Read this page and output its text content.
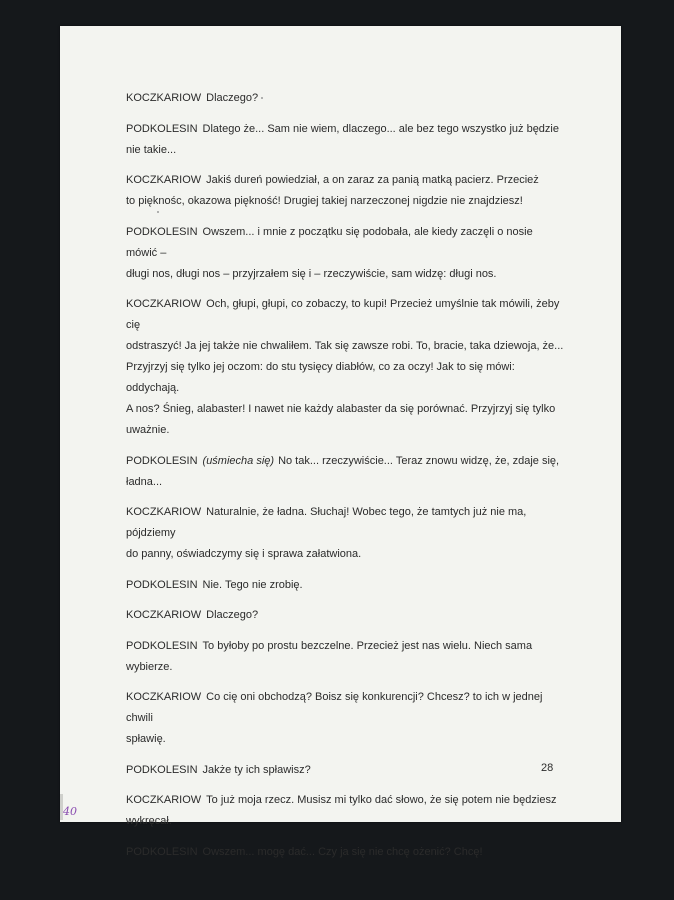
KOCZKARIOW Dlaczego?
PODKOLESIN Dlatego że... Sam nie wiem, dlaczego... ale bez tego wszystko już będzie
nie takie...
KOCZKARIOW Jakiś dureń powiedział, a on zaraz za panią matką pacierz. Przecież
to pięknośc, okazowa piękność! Drugiej takiej narzeczonej nigdzie nie znajdziesz!
PODKOLESIN Owszem... i mnie z początku się podobała, ale kiedy zaczęli o nosie mówić –
długi nos, długi nos – przyjrzałem się i – rzeczywiście, sam widzę: długi nos.
KOCZKARIOW Och, głupi, głupi, co zobaczy, to kupi! Przecież umyślnie tak mówili, żeby cię
odstraszyć! Ja jej także nie chwaliłem. Tak się zawsze robi. To, bracie, taka dziewoja, że...
Przyjrzyj się tylko jej oczom: do stu tysięcy diabłów, co za oczy! Jak to się mówi: oddychają.
A nos? Śnieg, alabaster! I nawet nie każdy alabaster da się porównać. Przyjrzyj się tylko
uważnie.
PODKOLESIN (uśmiecha się) No tak... rzeczywiście... Teraz znowu widzę, że, zdaje się,
ładna...
KOCZKARIOW Naturalnie, że ładna. Słuchaj! Wobec tego, że tamtych już nie ma, pójdziemy
do panny, oświadczymy się i sprawa załatwiona.
PODKOLESIN Nie. Tego nie zrobię.
KOCZKARIOW Dlaczego?
PODKOLESIN To byłoby po prostu bezczelne. Przecież jest nas wielu. Niech sama wybierze.
KOCZKARIOW Co cię oni obchodzą? Boisz się konkurencji? Chcesz? to ich w jednej chwili
spławię.
PODKOLESIN Jakże ty ich spławisz?
KOCZKARIOW To już moja rzecz. Musisz mi tylko dać słowo, że się potem nie będziesz
wykręcał.
PODKOLESIN Owszem... mogę dać... Czy ja się nie chcę ożenić? Chcę!
28
40
